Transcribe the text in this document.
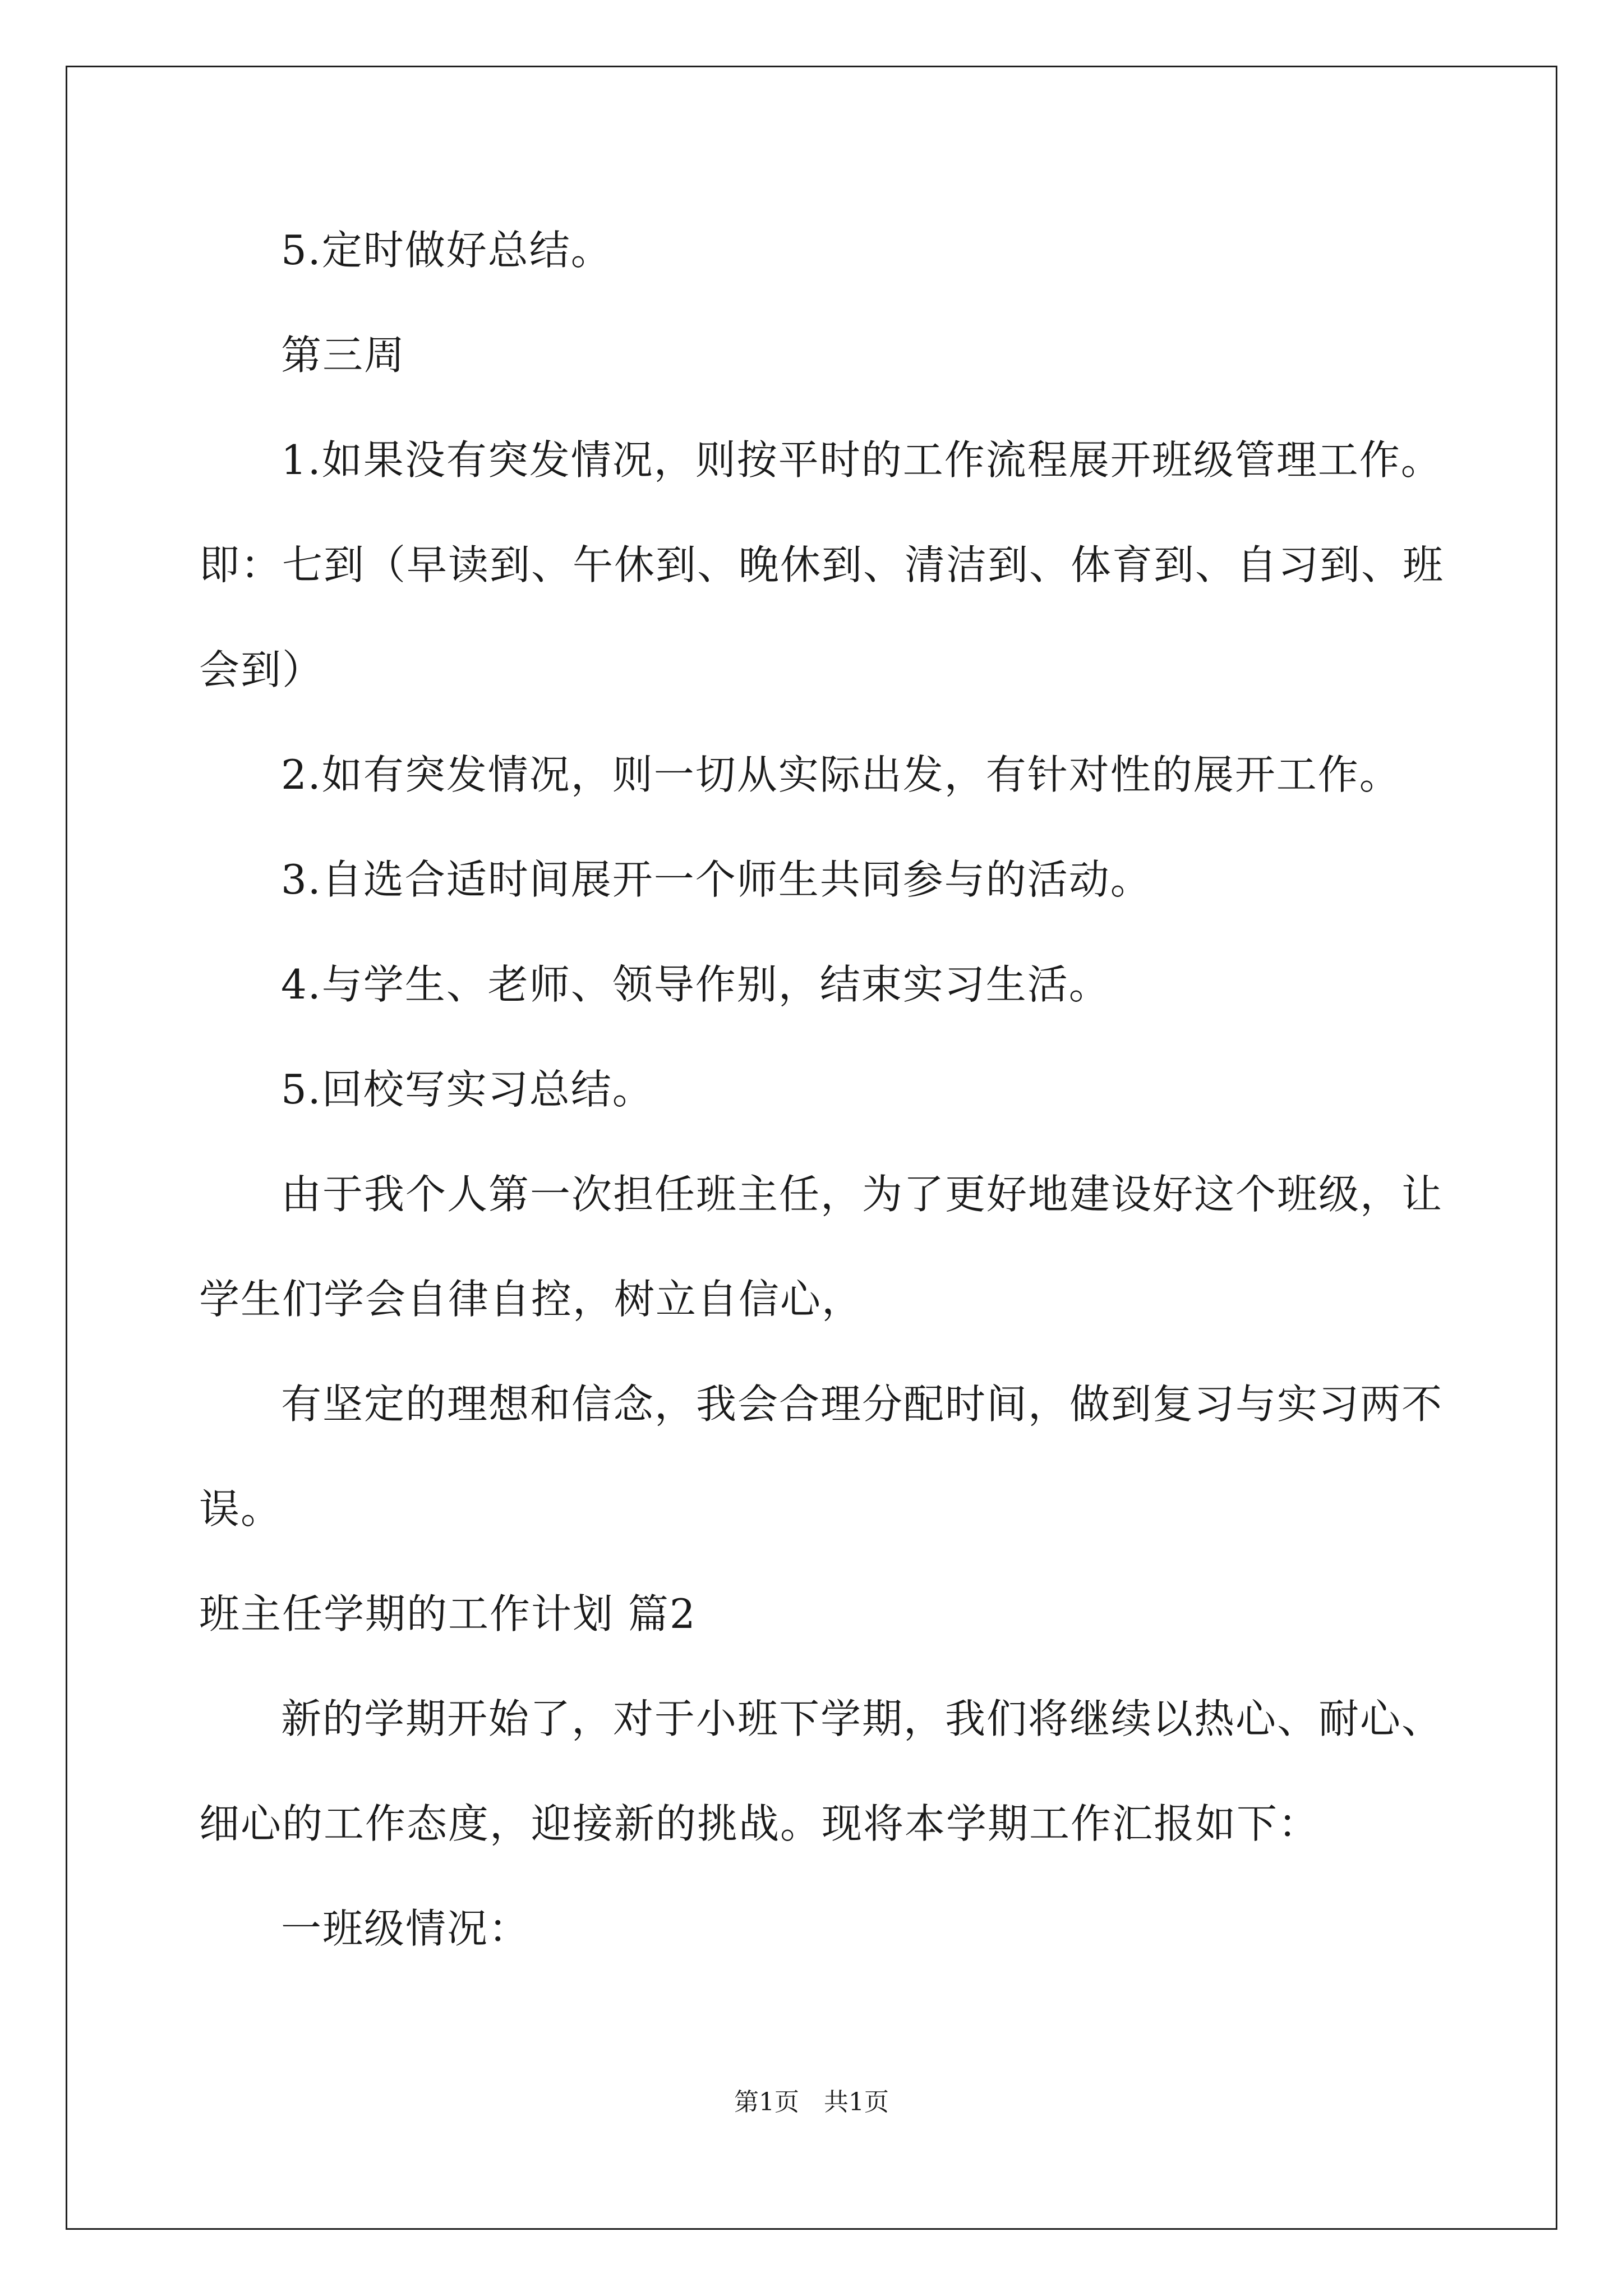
5.定时做好总结。
第三周
1.如果没有突发情况，则按平时的工作流程展开班级管理工作。
即：七到（早读到、午休到、晚休到、清洁到、体育到、自习到、班
会到）
2.如有突发情况，则一切从实际出发，有针对性的展开工作。
3.自选合适时间展开一个师生共同参与的活动。
4.与学生、老师、领导作别，结束实习生活。
5.回校写实习总结。
由于我个人第一次担任班主任，为了更好地建设好这个班级，让
学生们学会自律自控，树立自信心，
有坚定的理想和信念，我会合理分配时间，做到复习与实习两不
误。
班主任学期的工作计划 篇2
新的学期开始了，对于小班下学期，我们将继续以热心、耐心、
细心的工作态度，迎接新的挑战。现将本学期工作汇报如下：
一班级情况：
第1页　共1页
